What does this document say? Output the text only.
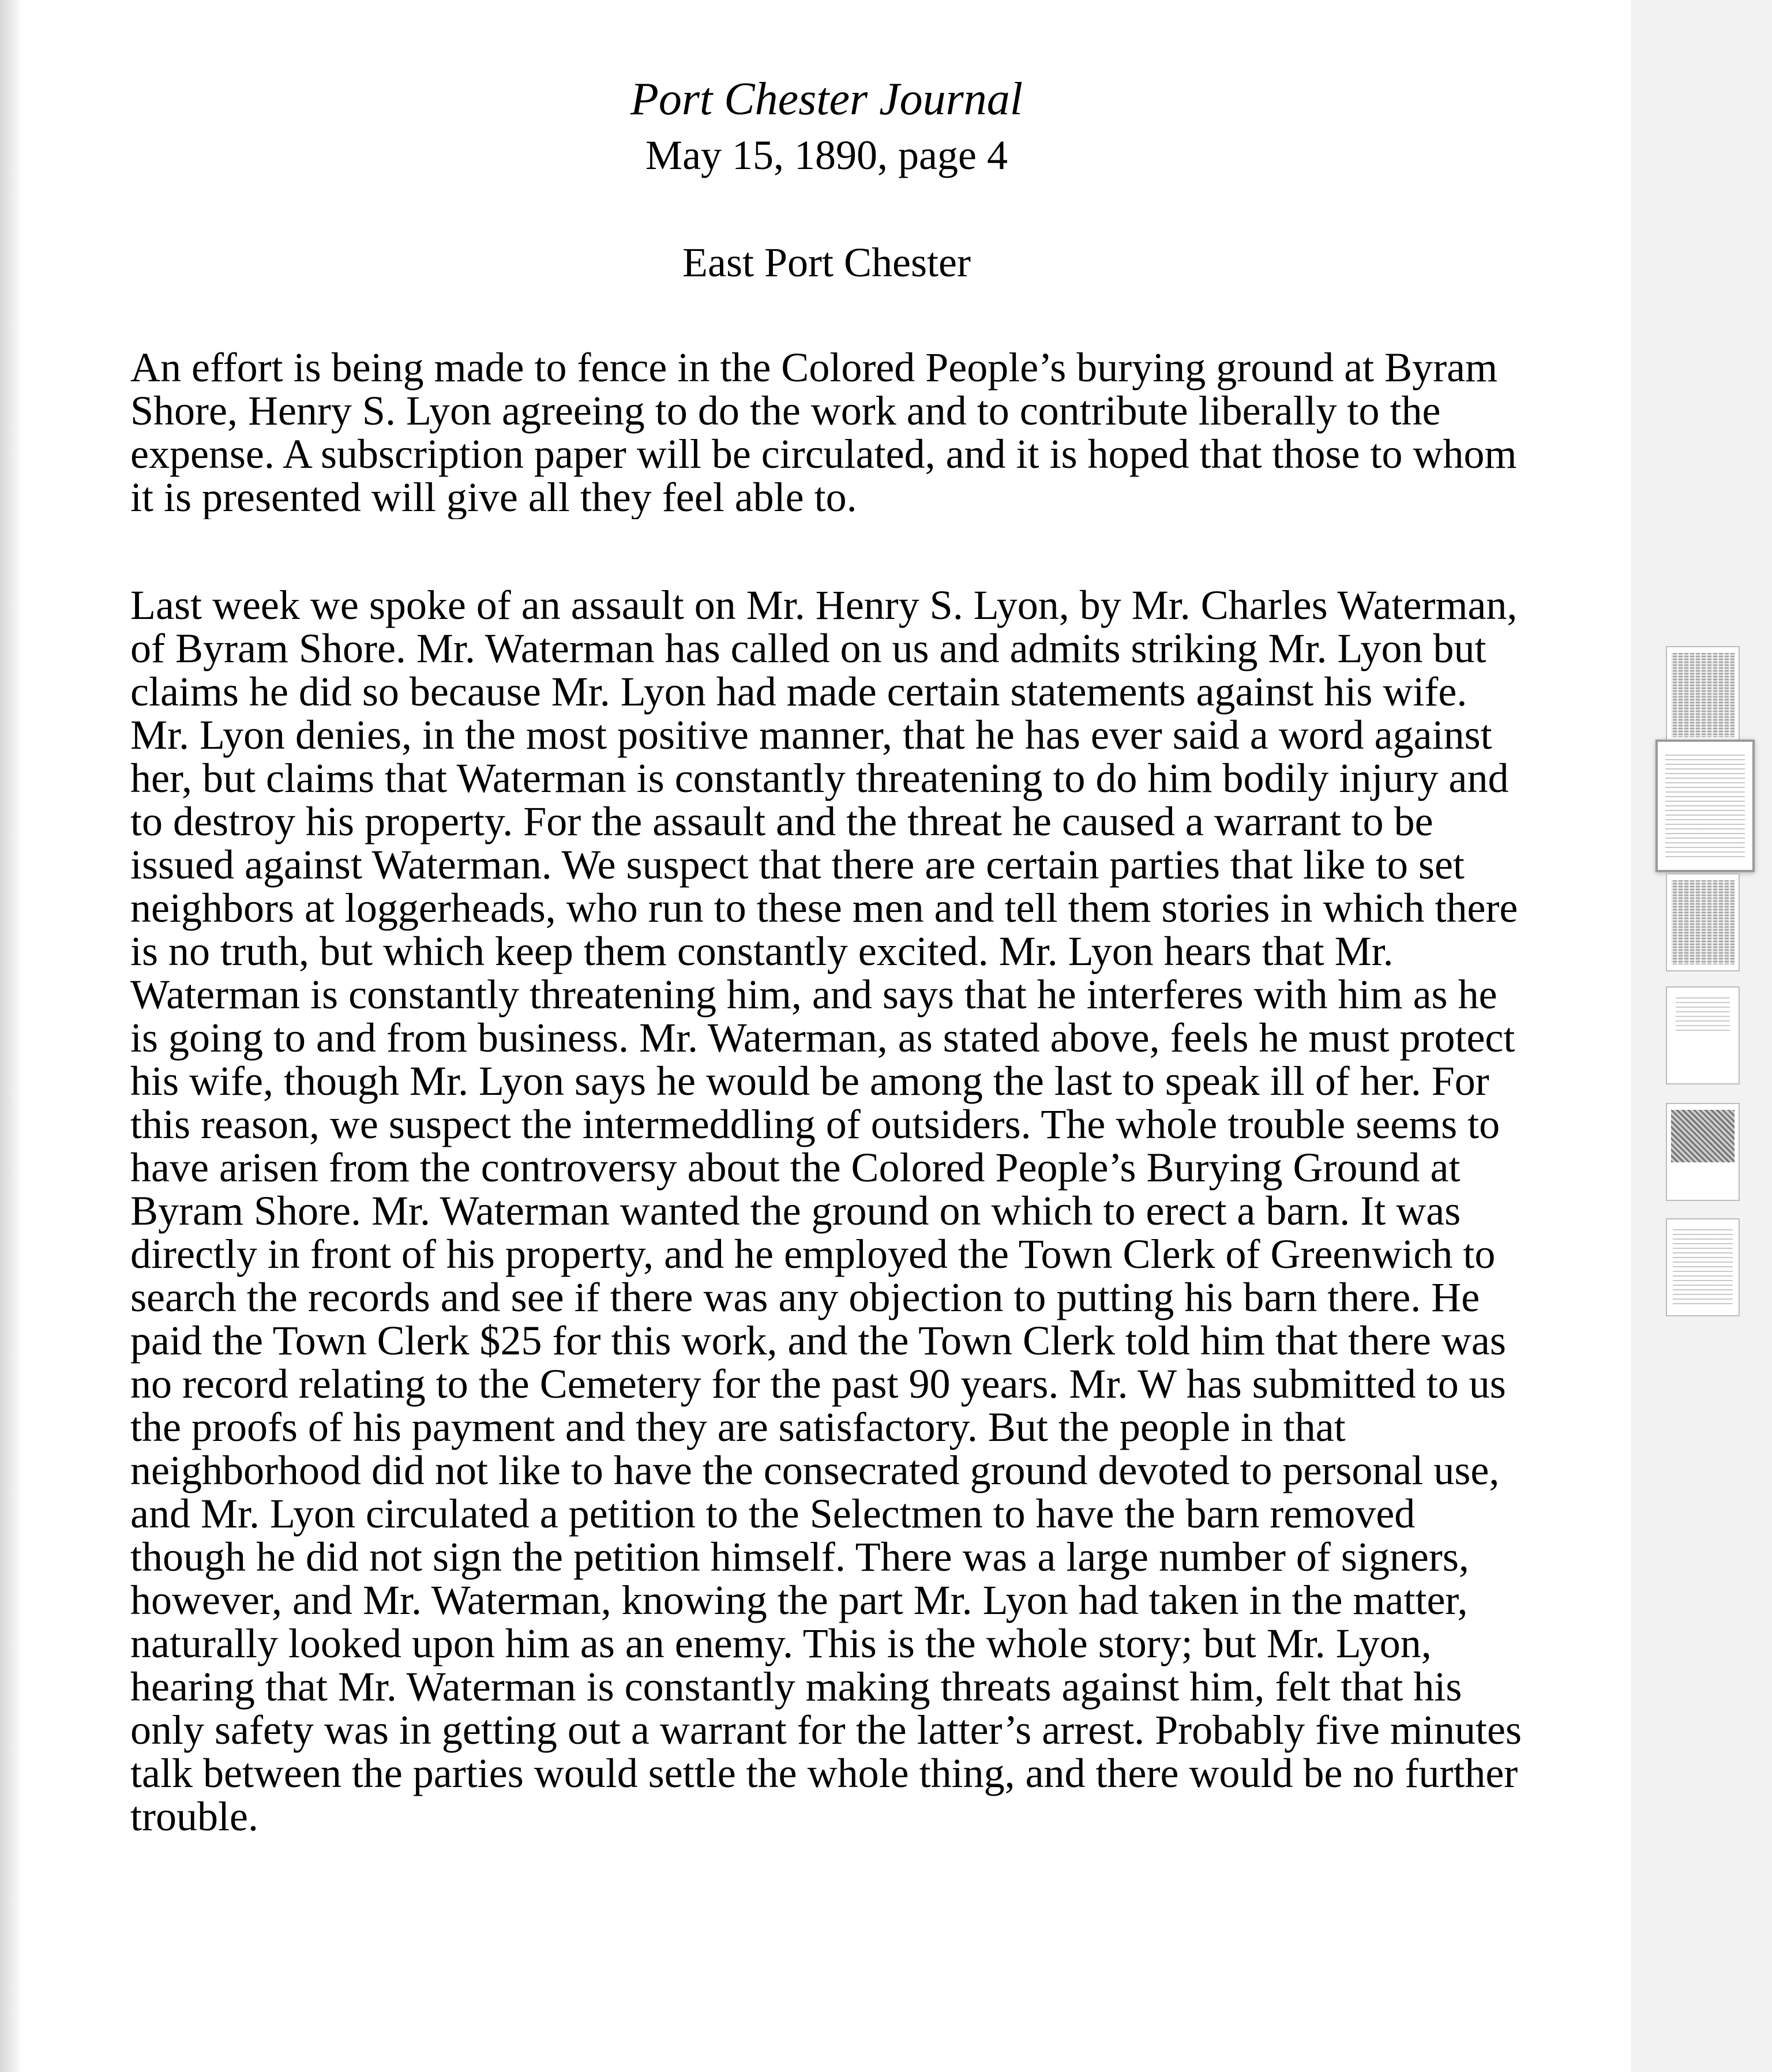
Port Chester Journal
May 15, 1890, page 4
East Port Chester

An effort is being made to fence in the Colored People’s burying ground at Byram
Shore, Henry S. Lyon agreeing to do the work and to contribute liberally to the
expense. A subscription paper will be circulated, and it is hoped that those to whom
it is presented will give all they feel able to.

Last week we spoke of an assault on Mr. Henry S. Lyon, by Mr. Charles Waterman,
of Byram Shore. Mr. Waterman has called on us and admits striking Mr. Lyon but
claims he did so because Mr. Lyon had made certain statements against his wife.
Mr. Lyon denies, in the most positive manner, that he has ever said a word against
her, but claims that Waterman is constantly threatening to do him bodily injury and
to destroy his property. For the assault and the threat he caused a warrant to be
issued against Waterman. We suspect that there are certain parties that like to set
neighbors at loggerheads, who run to these men and tell them stories in which there
is no truth, but which keep them constantly excited. Mr. Lyon hears that Mr.
Waterman is constantly threatening him, and says that he interferes with him as he
is going to and from business. Mr. Waterman, as stated above, feels he must protect
his wife, though Mr. Lyon says he would be among the last to speak ill of her. For
this reason, we suspect the intermeddling of outsiders. The whole trouble seems to
have arisen from the controversy about the Colored People’s Burying Ground at
Byram Shore. Mr. Waterman wanted the ground on which to erect a barn. It was
directly in front of his property, and he employed the Town Clerk of Greenwich to
search the records and see if there was any objection to putting his barn there. He
paid the Town Clerk $25 for this work, and the Town Clerk told him that there was
no record relating to the Cemetery for the past 90 years. Mr. W has submitted to us
the proofs of his payment and they are satisfactory. But the people in that
neighborhood did not like to have the consecrated ground devoted to personal use,
and Mr. Lyon circulated a petition to the Selectmen to have the barn removed
though he did not sign the petition himself. There was a large number of signers,
however, and Mr. Waterman, knowing the part Mr. Lyon had taken in the matter,
naturally looked upon him as an enemy. This is the whole story; but Mr. Lyon,
hearing that Mr. Waterman is constantly making threats against him, felt that his
only safety was in getting out a warrant for the latter’s arrest. Probably five minutes
talk between the parties would settle the whole thing, and there would be no further
trouble.
